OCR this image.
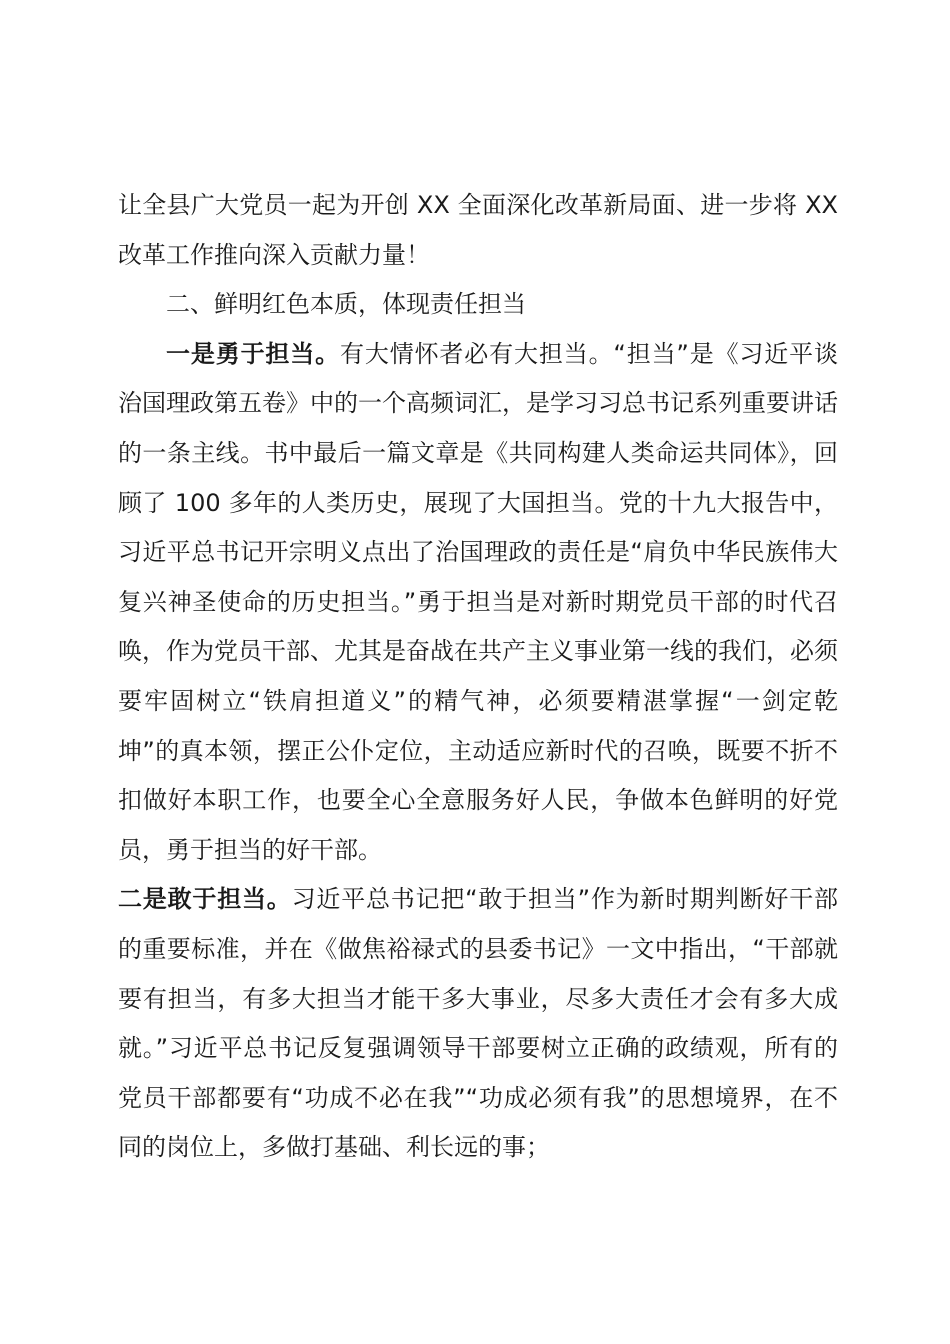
让全县广大党员一起为开创 XX 全面深化改革新局面、进一步将 XX 改革工作推向深入贡献力量！

二、鲜明红色本质，体现责任担当

一是勇于担当。有大情怀者必有大担当。“担当”是《习近平谈治国理政第五卷》中的一个高频词汇，是学习习总书记系列重要讲话的一条主线。书中最后一篇文章是《共同构建人类命运共同体》，回顾了 100 多年的人类历史，展现了大国担当。党的十九大报告中，习近平总书记开宗明义点出了治国理政的责任是“肩负中华民族伟大复兴神圣使命的历史担当。”勇于担当是对新时期党员干部的时代召唤，作为党员干部、尤其是奋战在共产主义事业第一线的我们，必须要牢固树立“铁肩担道义”的精气神，必须要精湛掌握“一剑定乾坤”的真本领，摆正公仆定位，主动适应新时代的召唤，既要不折不扣做好本职工作，也要全心全意服务好人民，争做本色鲜明的好党员，勇于担当的好干部。

二是敢于担当。习近平总书记把“敢于担当”作为新时期判断好干部的重要标准，并在《做焦裕禄式的县委书记》一文中指出，“干部就要有担当，有多大担当才能干多大事业，尽多大责任才会有多大成就。”习近平总书记反复强调领导干部要树立正确的政绩观，所有的党员干部都要有“功成不必在我”“功成必须有我”的思想境界，在不同的岗位上，多做打基础、利长远的事；
